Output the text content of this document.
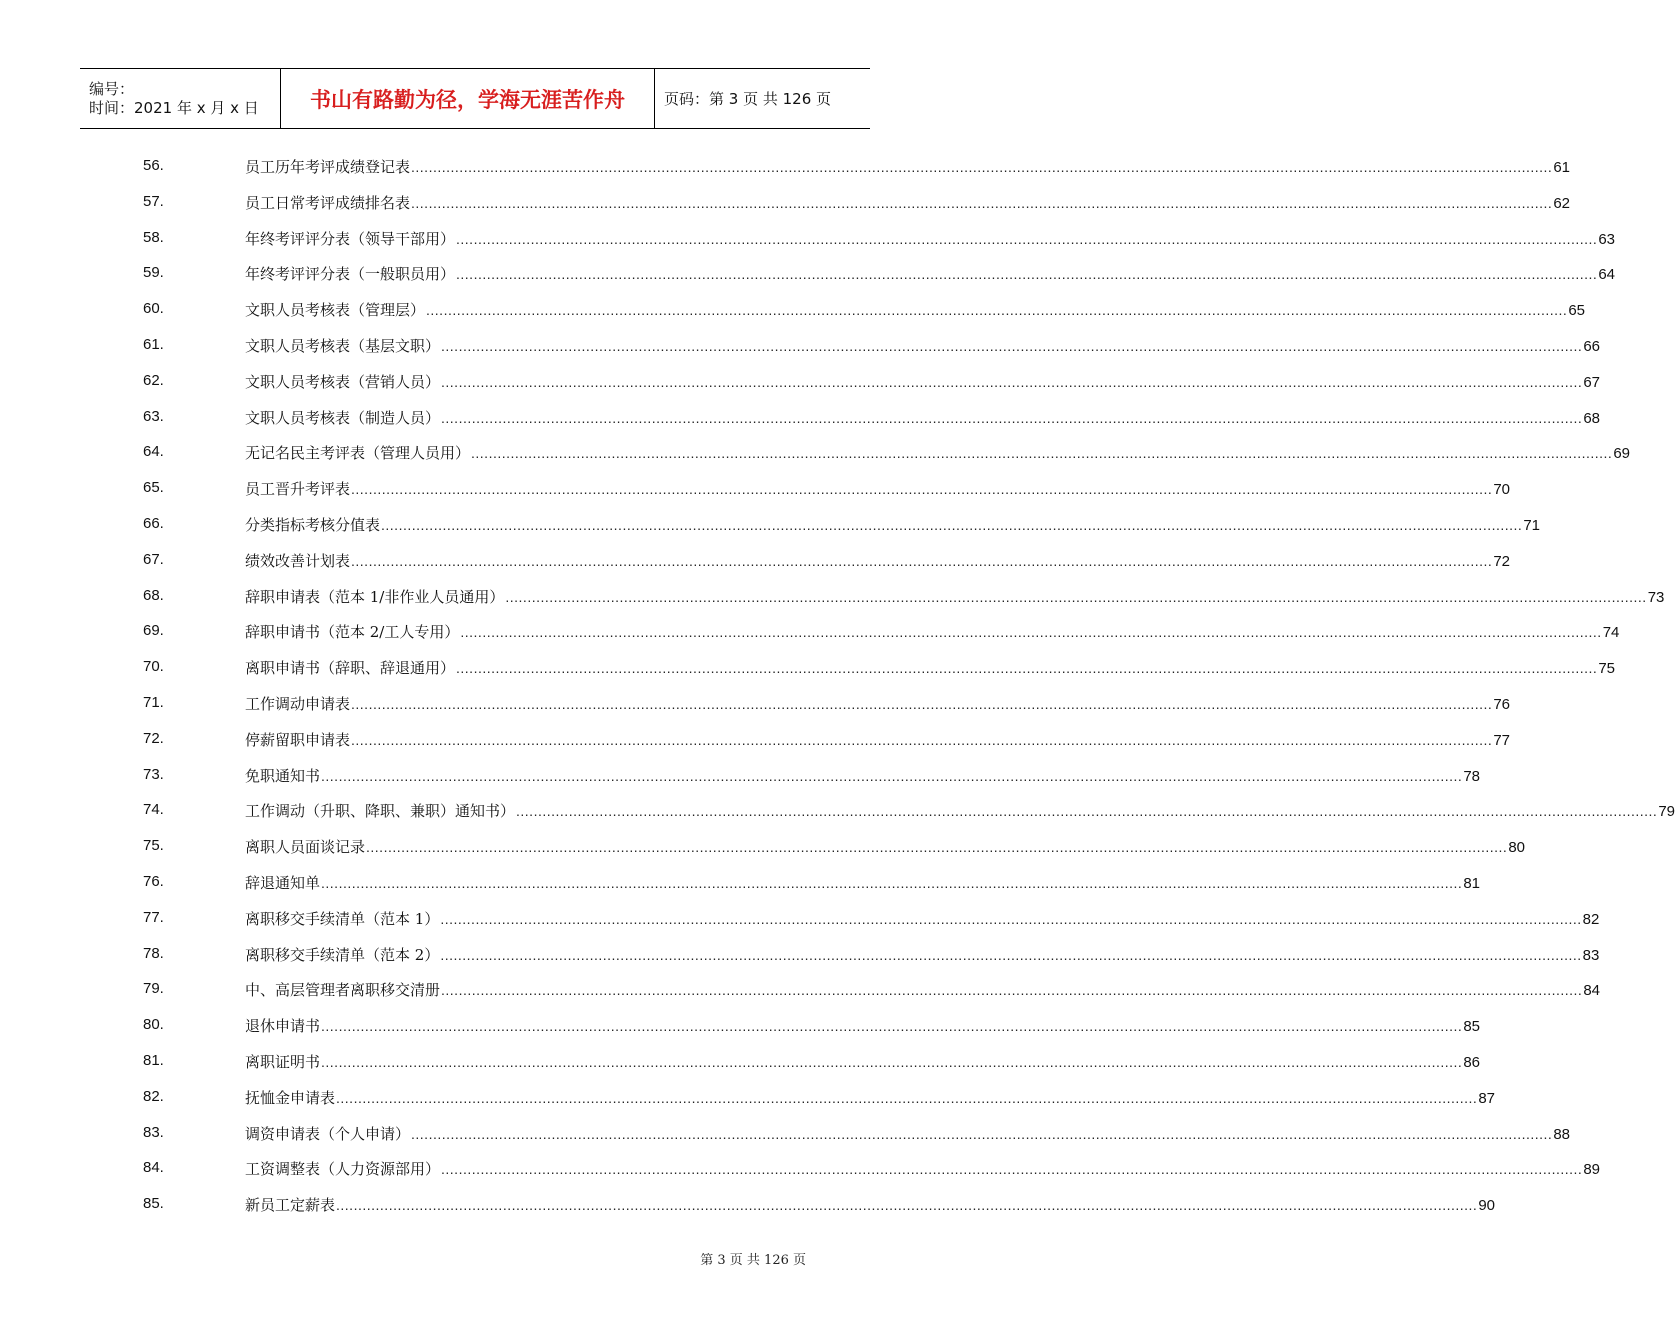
编号：
时间：2021 年 x 月 x 日	书山有路勤为径，学海无涯苦作舟	页码：第 3 页 共 126 页
56.	员工历年考评成绩登记表 .................................................................................................................................................................................................................................................................... 61
57.	员工日常考评成绩排名表 .................................................................................................................................................................................................................................................................... 62
58.	年终考评评分表（领导干部用） .................................................................................................................................................................................................................................................................... 63
59.	年终考评评分表（一般职员用） .................................................................................................................................................................................................................................................................... 64
60.	文职人员考核表（管理层） .................................................................................................................................................................................................................................................................... 65
61.	文职人员考核表（基层文职） .................................................................................................................................................................................................................................................................... 66
62.	文职人员考核表（营销人员） .................................................................................................................................................................................................................................................................... 67
63.	文职人员考核表（制造人员） .................................................................................................................................................................................................................................................................... 68
64.	无记名民主考评表（管理人员用） .................................................................................................................................................................................................................................................................... 69
65.	员工晋升考评表 .................................................................................................................................................................................................................................................................... 70
66.	分类指标考核分值表 .................................................................................................................................................................................................................................................................... 71
67.	绩效改善计划表 .................................................................................................................................................................................................................................................................... 72
68.	辞职申请表（范本 1/非作业人员通用） .................................................................................................................................................................................................................................................................... 73
69.	辞职申请书（范本 2/工人专用） .................................................................................................................................................................................................................................................................... 74
70.	离职申请书（辞职、辞退通用） .................................................................................................................................................................................................................................................................... 75
71.	工作调动申请表 .................................................................................................................................................................................................................................................................... 76
72.	停薪留职申请表 .................................................................................................................................................................................................................................................................... 77
73.	免职通知书 .................................................................................................................................................................................................................................................................... 78
74.	工作调动（升职、降职、兼职）通知书） .................................................................................................................................................................................................................................................................... 79
75.	离职人员面谈记录 .................................................................................................................................................................................................................................................................... 80
76.	辞退通知单 .................................................................................................................................................................................................................................................................... 81
77.	离职移交手续清单（范本 1） .................................................................................................................................................................................................................................................................... 82
78.	离职移交手续清单（范本 2） .................................................................................................................................................................................................................................................................... 83
79.	中、高层管理者离职移交清册 .................................................................................................................................................................................................................................................................... 84
80.	退休申请书 .................................................................................................................................................................................................................................................................... 85
81.	离职证明书 .................................................................................................................................................................................................................................................................... 86
82.	抚恤金申请表 .................................................................................................................................................................................................................................................................... 87
83.	调资申请表（个人申请） .................................................................................................................................................................................................................................................................... 88
84.	工资调整表（人力资源部用） .................................................................................................................................................................................................................................................................... 89
85.	新员工定薪表 .................................................................................................................................................................................................................................................................... 90
第 3 页 共 126 页
